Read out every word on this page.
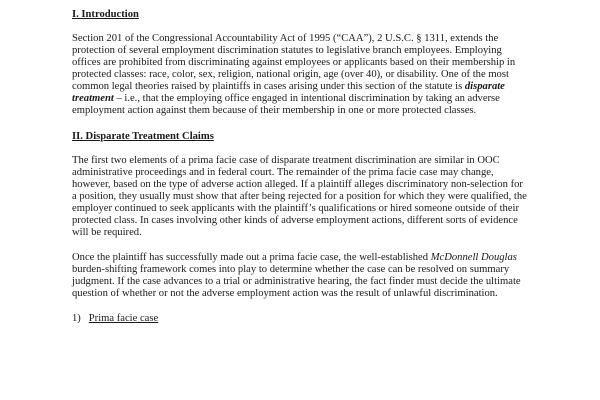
I. Introduction

Section 201 of the Congressional Accountability Act of 1995 (“CAA”), 2 U.S.C. § 1311, extends the protection of several employment discrimination statutes to legislative branch employees. Employing offices are prohibited from discriminating against employees or applicants based on their membership in protected classes: race, color, sex, religion, national origin, age (over 40), or disability. One of the most common legal theories raised by plaintiffs in cases arising under this section of the statute is disparate treatment – i.e., that the employing office engaged in intentional discrimination by taking an adverse employment action against them because of their membership in one or more protected classes.

II. Disparate Treatment Claims

The first two elements of a prima facie case of disparate treatment discrimination are similar in OOC administrative proceedings and in federal court. The remainder of the prima facie case may change, however, based on the type of adverse action alleged. If a plaintiff alleges discriminatory non-selection for a position, they usually must show that after being rejected for a position for which they were qualified, the employer continued to seek applicants with the plaintiff’s qualifications or hired someone outside of their protected class. In cases involving other kinds of adverse employment actions, different sorts of evidence will be required.

Once the plaintiff has successfully made out a prima facie case, the well-established McDonnell Douglas burden-shifting framework comes into play to determine whether the case can be resolved on summary judgment. If the case advances to a trial or administrative hearing, the fact finder must decide the ultimate question of whether or not the adverse employment action was the result of unlawful discrimination.

1) Prima facie case
